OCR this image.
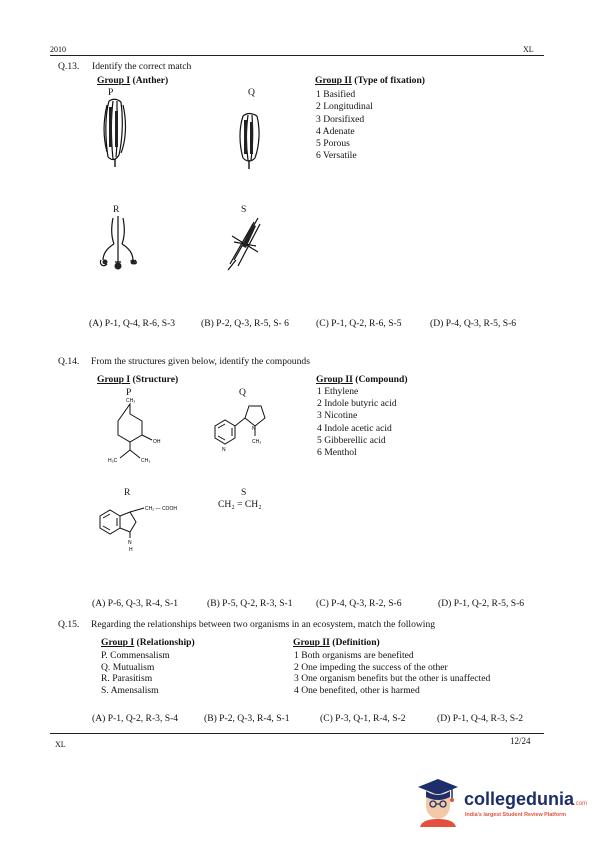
2010	XL
Q.13. Identify the correct match
Group I (Anther)	Group II (Type of fixation)
P	Q
R	S
1 Basified
2 Longitudinal
3 Dorsifixed
4 Adenate
5 Porous
6 Versatile
(A) P-1, Q-4, R-6, S-3	(B) P-2, Q-3, R-5, S- 6	(C) P-1, Q-2, R-6, S-5	(D) P-4, Q-3, R-5, S-6
Q.14. From the structures given below, identify the compounds
Group I (Structure)	Group II (Compound)
P	Q
R	S
CH₂ = CH₂
1 Ethylene
2 Indole butyric acid
3 Nicotine
4 Indole acetic acid
5 Gibberellic acid
6 Menthol
CH₃
OH
H₃C	CH₃
N
N
CH₃
CH₂ — COOH
N
H
(A) P-6, Q-3, R-4, S-1	(B) P-5, Q-2, R-3, S-1 (C) P-4, Q-3, R-2, S-6	(D) P-1, Q-2, R-5, S-6
Q.15. Regarding the relationships between two organisms in an ecosystem, match the following
Group I (Relationship)	Group II (Definition)
P. Commensalism
Q. Mutualism
R. Parasitism
S. Amensalism
1 Both organisms are benefited
2 One impeding the success of the other
3 One organism benefits but the other is unaffected
4 One benefited, other is harmed
(A) P-1, Q-2, R-3, S-4	(B) P-2, Q-3, R-4, S-1	(C) P-3, Q-1, R-4, S-2	(D) P-1, Q-4, R-3, S-2
XL	12/24
collegedunia.com
India's largest Student Review Platform
